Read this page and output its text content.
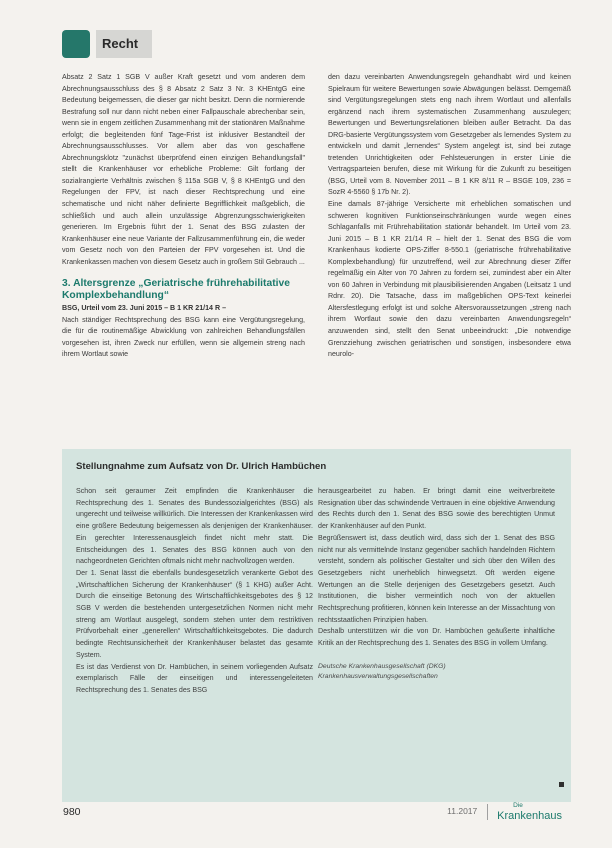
Recht

Absatz 2 Satz 1 SGB V außer Kraft gesetzt und vom anderen dem Abrechnungsausschluss des § 8 Absatz 2 Satz 3 Nr. 3 KHEntgG eine Bedeutung beigemessen, die dieser gar nicht besitzt. Denn die normierende Bestrafung soll nur dann nicht neben einer Fallpauschale abrechenbar sein, wenn sie in engem zeitlichen Zusammenhang mit der stationären Maßnahme erfolgt; die begleitenden fünf Tage-Frist ist inklusiver Bestandteil der Abrechnungsausschlusses. Vor allem aber das von geschaffene Abrechnungsklotz "zunächst überprüfend einen einzigen Behandlungsfall" stellt die Krankenhäuser vor erhebliche Probleme: Gilt fortlang der sozialrangierte Verhältnis zwischen § 115a SGB V, § 8 KHEntgG und den Regelungen der FPV, ist nach dieser Rechtsprechung und eine schematische und nicht näher definierte Begrifflichkeit maßgeblich, die schließlich und auch allein unzulässige Abgrenzungsschwierigkeiten generieren. Im Ergebnis führt der 1. Senat des BSG zulasten der Krankenhäuser eine neue Variante der Fallzusammenführung ein, die weder vom Gesetz noch von den Parteien der FPV vorgesehen ist. Und die Krankenkassen machen von diesem Gesetz auch in großem Stil Gebrauch ...

3. Altersgrenze „Geriatrische frührehabilitative Komplexbehandlung“

BSG, Urteil vom 23. Juni 2015 – B 1 KR 21/14 R –

Nach ständiger Rechtsprechung des BSG kann eine Vergütungsregelung, die für die routinemäßige Abwicklung von zahlreichen Behandlungsfällen vorgesehen ist, ihren Zweck nur erfüllen, wenn sie allgemein streng nach ihrem Wortlaut sowie

den dazu vereinbarten Anwendungsregeln gehandhabt wird und keinen Spielraum für weitere Bewertungen sowie Abwägungen belässt. Demgemäß sind Vergütungsregelungen stets eng nach ihrem Wortlaut und allenfalls ergänzend nach ihrem systematischen Zusammenhang auszulegen; Bewertungen und Bewertungsrelationen bleiben außer Betracht. Da das DRG-basierte Vergütungssystem vom Gesetzgeber als lernendes System zu entwickeln und damit „lernendes“ System angelegt ist, sind bei zutage tretenden Unrichtigkeiten oder Fehlsteuerungen in erster Linie die Vertragsparteien berufen, diese mit Wirkung für die Zukunft zu beseitigen (BSG, Urteil vom 8. November 2011 – B 1 KR 8/11 R – BSGE 109, 236 = SozR 4-5560 § 17b Nr. 2).

Eine damals 87-jährige Versicherte mit erheblichen somatischen und schweren kognitiven Funktionseinschränkungen wurde wegen eines Schlaganfalls mit Frührehabilitation stationär behandelt. Im Urteil vom 23. Juni 2015 – B 1 KR 21/14 R – hielt der 1. Senat des BSG die vom Krankenhaus kodierte OPS-Ziffer 8-550.1 (geriatrische frührehabilitative Komplexbehandlung) für unzutreffend, weil zur Abrechnung dieser Ziffer regelmäßig ein Alter von 70 Jahren zu fordern sei, zumindest aber ein Alter von 60 Jahren in Verbindung mit plausibilisierenden Angaben (Leitsatz 1 und Rdnr. 20). Die Tatsache, dass im maßgeblichen OPS-Text keinerlei Altersfestlegung erfolgt ist und solche Altersvoraussetzungen „streng nach ihrem Wortlaut sowie den dazu vereinbarten Anwendungsregeln“ anzuwenden sind, stellt den Senat unbeeindruckt: „Die notwendige Grenzziehung zwischen geriatrischen und sonstigen, insbesondere etwa neurolo-

Stellungnahme zum Aufsatz von Dr. Ulrich Hambüchen

Schon seit geraumer Zeit empfinden die Krankenhäuser die Rechtsprechung des 1. Senates des Bundessozialgerichtes (BSG) als ungerecht und teilweise willkürlich. Die Interessen der Krankenkassen wird eine größere Bedeutung beigemessen als denjenigen der Krankenhäuser. Ein gerechter Interessenausgleich findet nicht mehr statt. Die Entscheidungen des 1. Senates des BSG können auch von den nachgeordneten Gerichten oftmals nicht mehr nachvollzogen werden.

Der 1. Senat lässt die ebenfalls bundesgesetzlich verankerte Gebot des „Wirtschaftlichen Sicherung der Krankenhäuser“ (§ 1 KHG) außer Acht. Durch die einseitige Betonung des Wirtschaftlichkeitsgebotes des § 12 SGB V werden die bestehenden untergesetzlichen Normen nicht mehr streng am Wortlaut ausgelegt, sondern stehen unter dem restriktiven Prüfvorbehalt einer „generellen“ Wirtschaftlichkeitsgebotes. Die dadurch bedingte Rechtsunsicherheit der Krankenhäuser belastet das gesamte System.

Es ist das Verdienst von Dr. Hambüchen, in seinem vorliegenden Aufsatz exemplarisch Fälle der einseitigen und interessengeleiteten Rechtsprechung des 1. Senates des BSG

herausgearbeitet zu haben. Er bringt damit eine weitverbreitete Resignation über das schwindende Vertrauen in eine objektive Anwendung des Rechts durch den 1. Senat des BSG sowie des berechtigten Unmut der Krankenhäuser auf den Punkt.

Begrüßenswert ist, dass deutlich wird, dass sich der 1. Senat des BSG nicht nur als vermittelnde Instanz gegenüber sachlich handelnden Richtern versteht, sondern als politischer Gestalter und sich über den Willen des Gesetzgebers nicht unerheblich hinwegsetzt. Oft werden eigene Wertungen an die Stelle derjenigen des Gesetzgebers gesetzt. Auch Institutionen, die bisher vermeintlich noch von der aktuellen Rechtsprechung profitieren, können kein Interesse an der Missachtung von rechtsstaatlichen Prinzipien haben.

Deshalb unterstützen wir die von Dr. Hambüchen geäußerte inhaltliche Kritik an der Rechtsprechung des 1. Senates des BSG in vollem Umfang.

Deutsche Krankenhausgesellschaft (DKG)
Krankenhausverwaltungsgesellschaften
980	11.2017
Die
Krankenhaus
